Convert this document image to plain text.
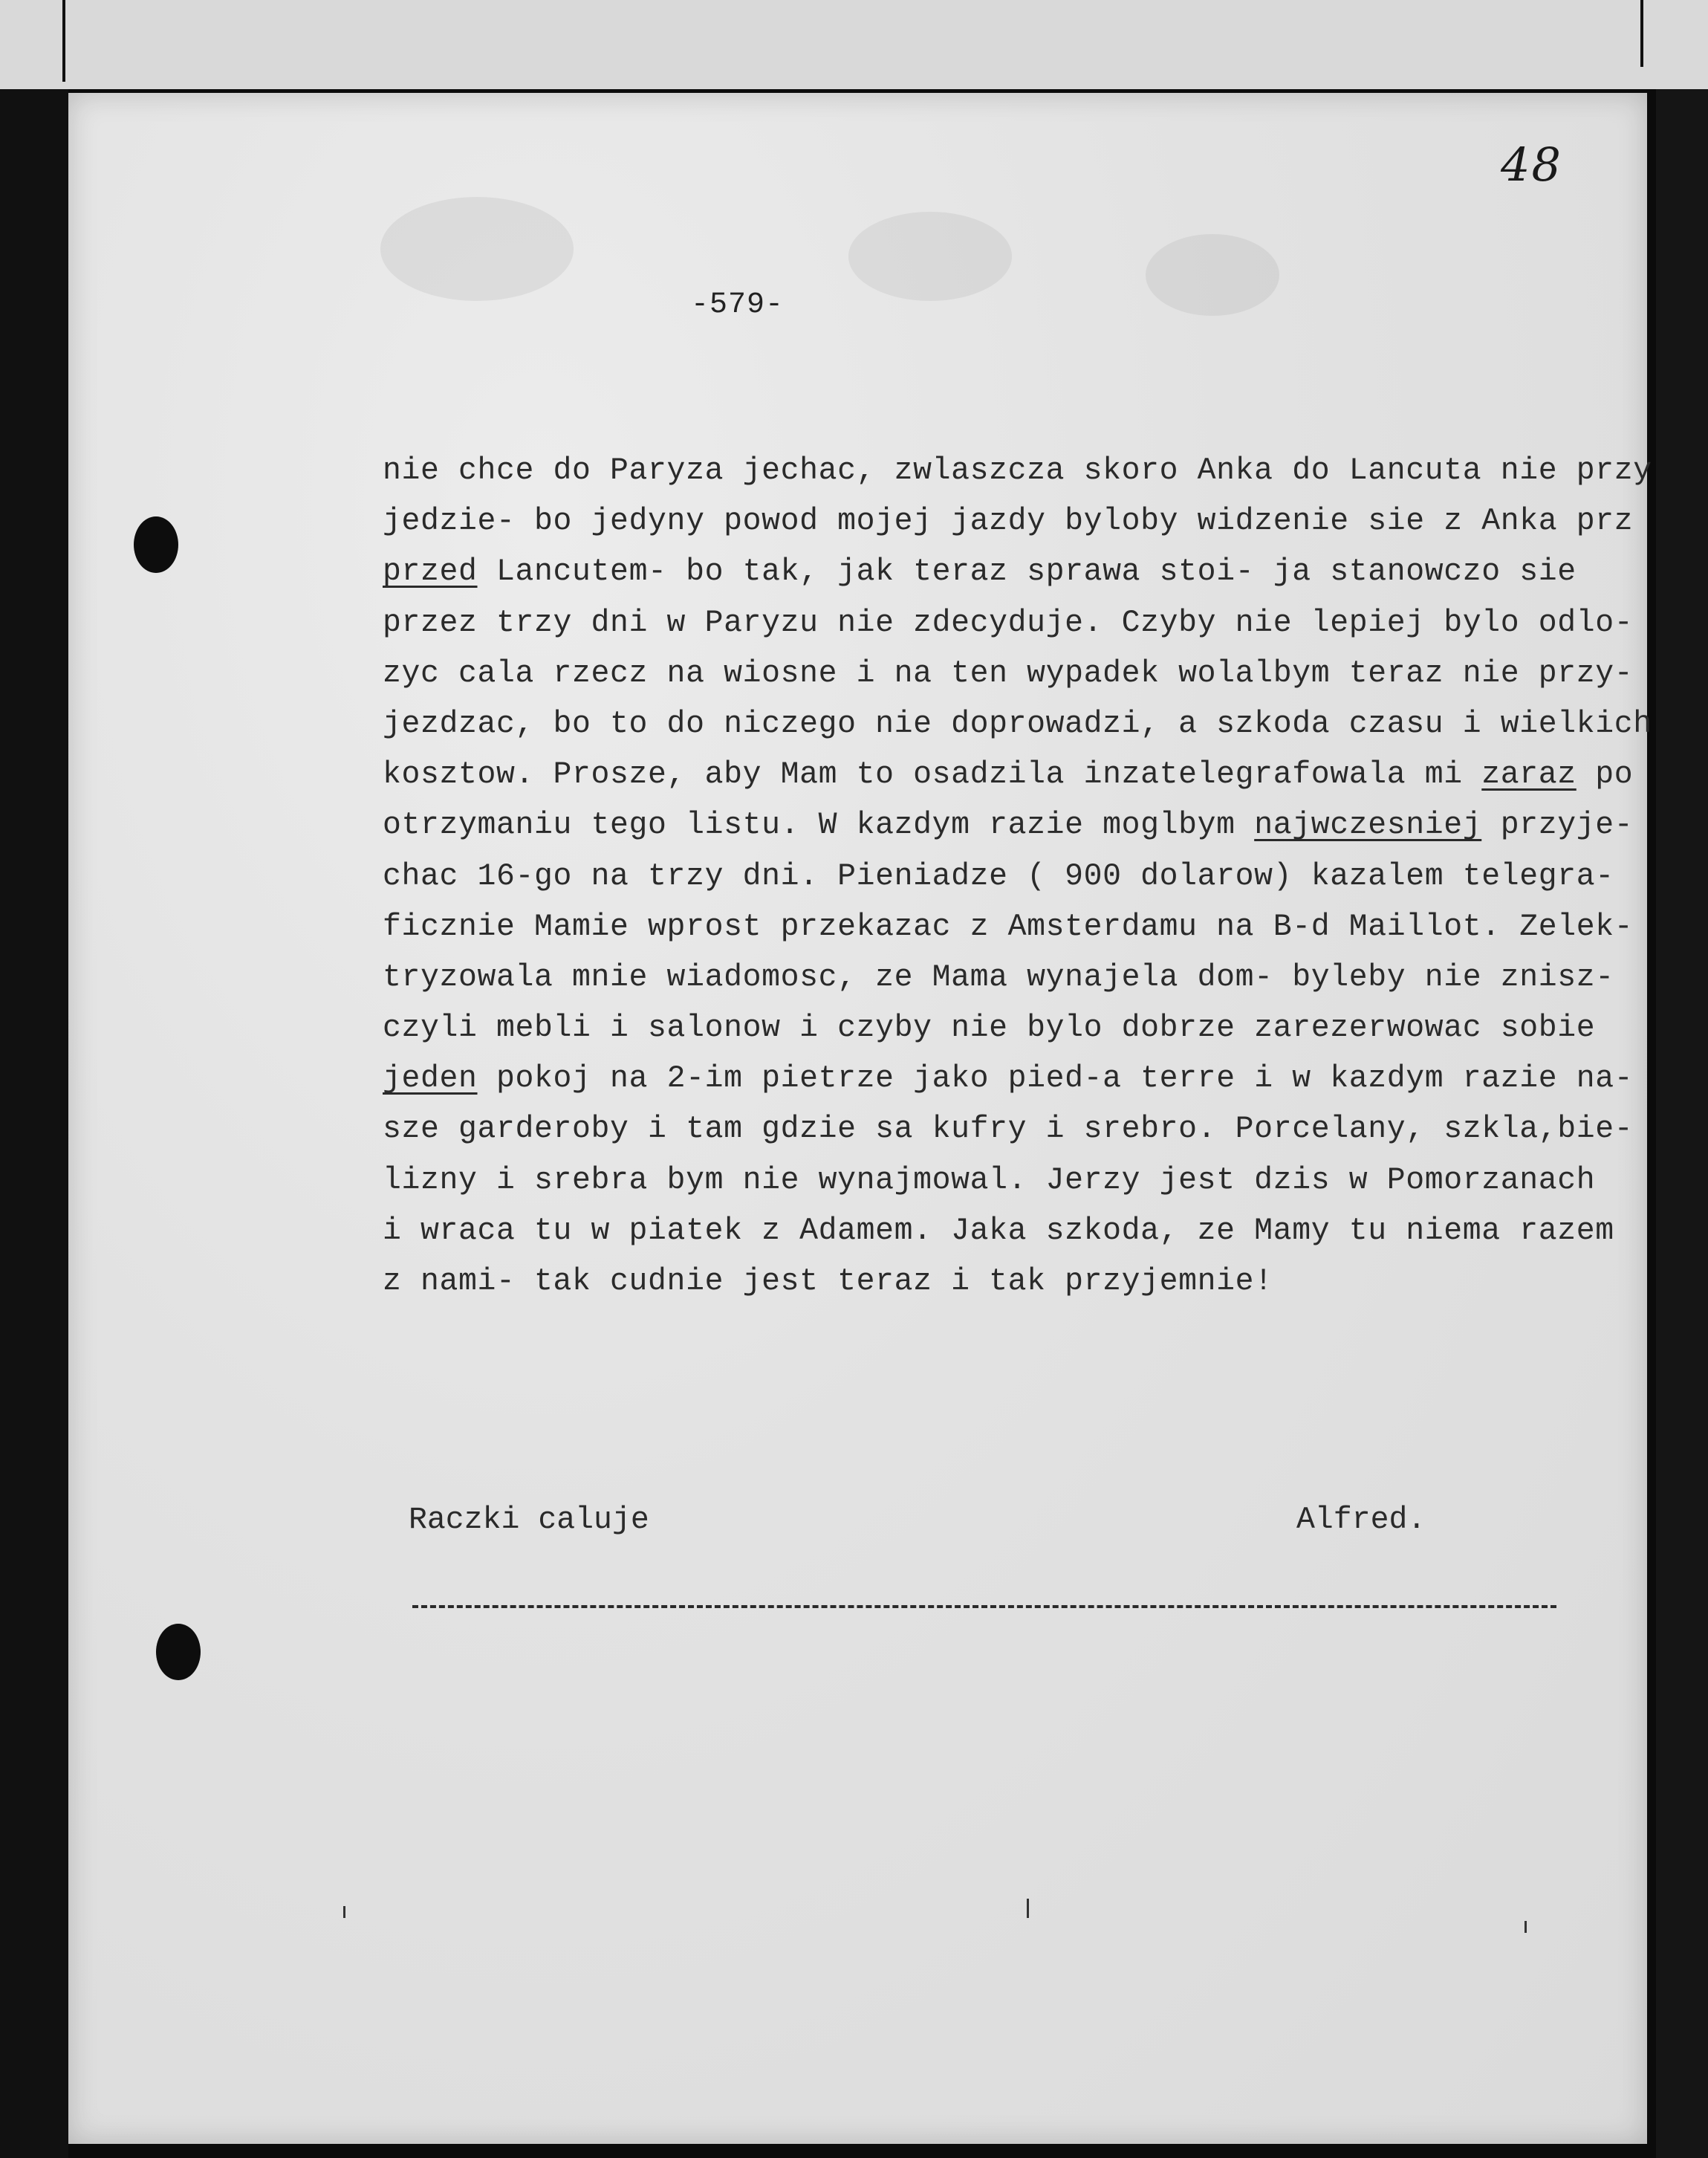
48
-579-
nie chce do Paryza jechac, zwlaszcza skoro Anka do Lancuta nie przy
jedzie- bo jedyny powod mojej jazdy byloby widzenie sie z Anka prz
przed Lancutem- bo tak, jak teraz sprawa stoi- ja stanowczo sie
przez trzy dni w Paryzu nie zdecyduje. Czyby nie lepiej bylo odlo-
zyc cala rzecz na wiosne i na ten wypadek wolalbym teraz nie przy-
jezdzac, bo to do niczego nie doprowadzi, a szkoda czasu i wielkich
kosztow. Prosze, aby Mam to osadzila inzatelegrafowala mi zaraz po
otrzymaniu tego listu. W kazdym razie moglbym najwczesniej przyje-
chac 16-go na trzy dni. Pieniadze ( 900 dolarow) kazalem telegra-
ficznie Mamie wprost przekazac z Amsterdamu na B-d Maillot. Zelek-
tryzowala mnie wiadomosc, ze Mama wynajela dom- byleby nie znisz-
czyli mebli i salonow i czyby nie bylo dobrze zarezerwowac sobie
jeden pokoj na 2-im pietrze jako pied-a terre i w kazdym razie na-
sze garderoby i tam gdzie sa kufry i srebro. Porcelany, szkla,bie-
lizny i srebra bym nie wynajmowal. Jerzy jest dzis w Pomorzanach
i wraca tu w piatek z Adamem. Jaka szkoda, ze Mamy tu niema razem
z nami- tak cudnie jest teraz i tak przyjemnie!
Raczki caluje	Alfred.
